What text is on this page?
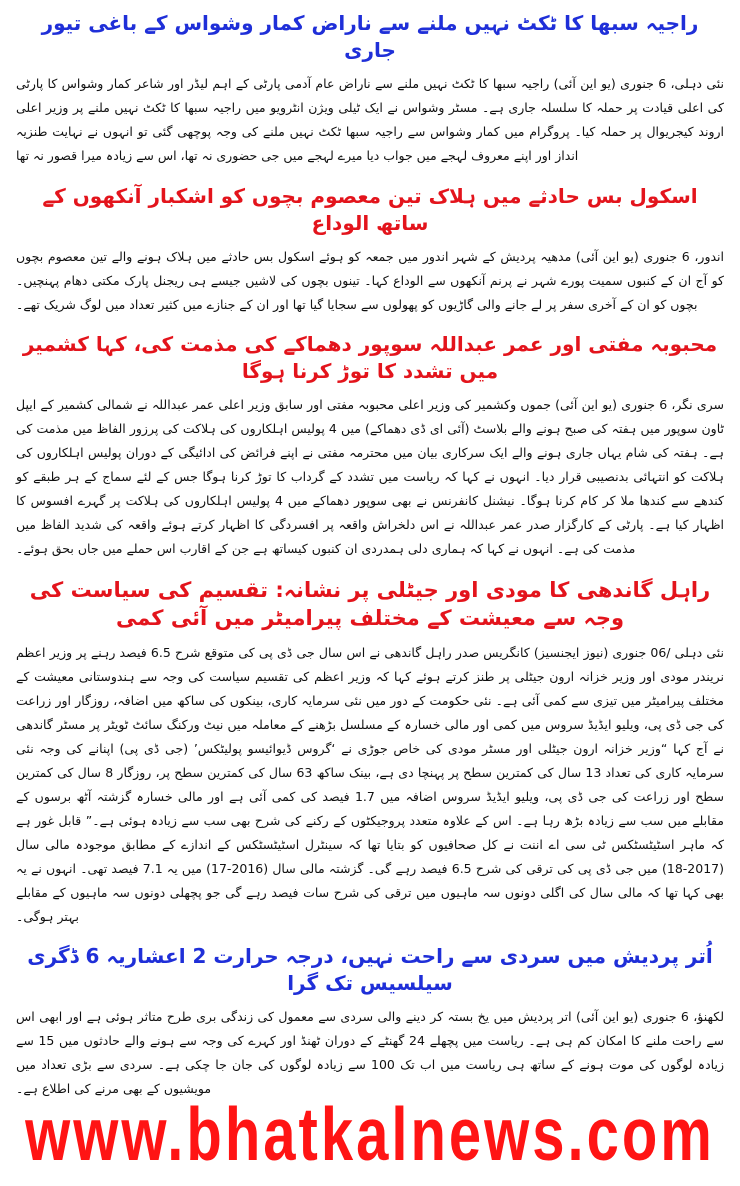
راجیہ سبھا کا ٹکٹ نہیں ملنے سے ناراض کمار وشواس کے باغی تیور جاری

نئی دہلی، 6 جنوری (یو این آئی) راجیہ سبھا کا ٹکٹ نہیں ملنے سے ناراض عام آدمی پارٹی کے اہم لیڈر اور شاعر کمار وشواس کا پارٹی کی اعلی قیادت پر حملہ کا سلسلہ جاری ہے۔ مسٹر وشواس نے ایک ٹیلی ویژن انٹرویو میں راجیہ سبھا کا ٹکٹ نہیں ملنے پر وزیر اعلی اروند کیجریوال پر حملہ کیا۔ پروگرام میں کمار وشواس سے راجیہ سبھا ٹکٹ نہیں ملنے کی وجہ پوچھی گئی تو انہوں نے نہایت طنزیہ انداز اور اپنے معروف لہجے میں جواب دیا میرے لہجے میں جی حضوری نہ تھا، اس سے زیادہ میرا قصور نہ تھا

اسکول بس حادثے میں ہلاک تین معصوم بچوں کو اشکبار آنکھوں کے ساتھ الوداع

اندور، 6 جنوری (یو این آئی) مدھیہ پردیش کے شہر اندور میں جمعہ کو ہوئے اسکول بس حادثے میں ہلاک ہونے والے تین معصوم بچوں کو آج ان کے کنبوں سمیت پورے شہر نے پرنم آنکھوں سے الوداع کہا۔ تینوں بچوں کی لاشیں جیسے ہی ریجنل پارک مکتی دھام پہنچیں۔ بچوں کو ان کے آخری سفر پر لے جانے والی گاڑیوں کو پھولوں سے سجایا گیا تھا اور ان کے جنازے میں کثیر تعداد میں لوگ شریک تھے۔

محبوبہ مفتی اور عمر عبداللہ سوپور دھماکے کی مذمت کی، کہا کشمیر میں تشدد کا توڑ کرنا ہوگا

سری نگر، 6 جنوری (یو این آئی) جموں وکشمیر کی وزیر اعلی محبوبہ مفتی اور سابق وزیر اعلی عمر عبداللہ نے شمالی کشمیر کے ایپل ٹاون سوپور میں ہفتہ کی صبح ہونے والے بلاسٹ (آئی ای ڈی دھماکے) میں 4 پولیس اہلکاروں کی ہلاکت کی پرزور الفاظ میں مذمت کی ہے۔ ہفتہ کی شام یہاں جاری ہونے والے ایک سرکاری بیان میں محترمہ مفتی نے اپنے فرائض کی ادائیگی کے دوران پولیس اہلکاروں کی ہلاکت کو انتہائی بدنصیبی قرار دیا۔ انہوں نے کہا کہ ریاست میں تشدد کے گرداب کا توڑ کرنا ہوگا جس کے لئے سماج کے ہر طبقے کو کندھے سے کندھا ملا کر کام کرنا ہوگا۔ نیشنل کانفرنس نے بھی سوپور دھماکے میں 4 پولیس اہلکاروں کی ہلاکت پر گہرے افسوس کا اظہار کیا ہے۔ پارٹی کے کارگزار صدر عمر عبداللہ نے اس دلخراش واقعہ پر افسردگی کا اظہار کرتے ہوئے واقعہ کی شدید الفاظ میں مذمت کی ہے۔ انہوں نے کہا کہ ہماری دلی ہمدردی ان کنبوں کیساتھ ہے جن کے اقارب اس حملے میں جاں بحق ہوئے۔

راہل گاندھی کا مودی اور جیٹلی پر نشانہ: تقسیم کی سیاست کی وجہ سے معیشت کے مختلف پیرامیٹر میں آئی کمی

نئی دہلی /06 جنوری (نیوز ایجنسیز) کانگریس صدر راہل گاندھی نے اس سال جی ڈی پی کی متوقع شرح 6.5 فیصد رہنے پر وزیر اعظم نریندر مودی اور وزیر خزانہ ارون جیٹلی پر طنز کرتے ہوئے کہا کہ وزیر اعظم کی تقسیم سیاست کی وجہ سے ہندوستانی معیشت کے مختلف پیرامیٹر میں تیزی سے کمی آئی ہے۔ نئی حکومت کے دور میں نئی سرمایہ کاری، بینکوں کی ساکھ میں اضافہ، روزگار اور زراعت کی جی ڈی پی، ویلیو ایڈیڈ سروس میں کمی اور مالی خسارہ کے مسلسل بڑھنے کے معاملہ میں نیٹ ورکنگ سائٹ ٹویٹر پر مسٹر گاندھی نے آج کہا “وزیر خزانہ ارون جیٹلی اور مسٹر مودی کی خاص جوڑی نے ‘گروس ڈیوائیسو پولیٹکس’ (جی ڈی پی) اپنانے کی وجہ نئی سرمایہ کاری کی تعداد 13 سال کی کمترین سطح پر پہنچا دی ہے، بینک ساکھ 63 سال کی کمترین سطح پر، روزگار 8 سال کی کمترین سطح اور زراعت کی جی ڈی پی، ویلیو ایڈیڈ سروس اضافہ میں 1.7 فیصد کی کمی آئی ہے اور مالی خسارہ گزشتہ آٹھ برسوں کے مقابلے میں سب سے زیادہ بڑھ رہا ہے۔ اس کے علاوہ متعدد پروجیکٹوں کے رکنے کی شرح بھی سب سے زیادہ ہوئی ہے۔” قابل غور ہے کہ ماہر اسٹیٹسٹکس ٹی سی اے اننت نے کل صحافیوں کو بتایا تھا کہ سینٹرل اسٹیٹسٹکس کے اندازے کے مطابق موجودہ مالی سال (2017-18) میں جی ڈی پی کی ترقی کی شرح 6.5 فیصد رہے گی۔ گزشتہ مالی سال (2016-17) میں یہ 7.1 فیصد تھی۔ انہوں نے یہ بھی کہا تھا کہ مالی سال کی اگلی دونوں سہ ماہیوں میں ترقی کی شرح سات فیصد رہے گی جو پچھلی دونوں سہ ماہیوں کے مقابلے بہتر ہوگی۔

اُتر پردیش میں سردی سے راحت نہیں، درجہ حرارت 2 اعشاریہ 6 ڈگری سیلسیس تک گرا

لکھنؤ، 6 جنوری (یو این آئی) اتر پردیش میں یخ بستہ کر دینے والی سردی سے معمول کی زندگی بری طرح متاثر ہوئی ہے اور ابھی اس سے راحت ملنے کا امکان کم ہی ہے۔ ریاست میں پچھلے 24 گھنٹے کے دوران ٹھنڈ اور کہرے کی وجہ سے ہونے والے حادثوں میں 15 سے زیادہ لوگوں کی موت ہونے کے ساتھ ہی ریاست میں اب تک 100 سے زیادہ لوگوں کی جان جا چکی ہے۔ سردی سے بڑی تعداد میں مویشیوں کے بھی مرنے کی اطلاع ہے۔

www.bhatkalnews.com
